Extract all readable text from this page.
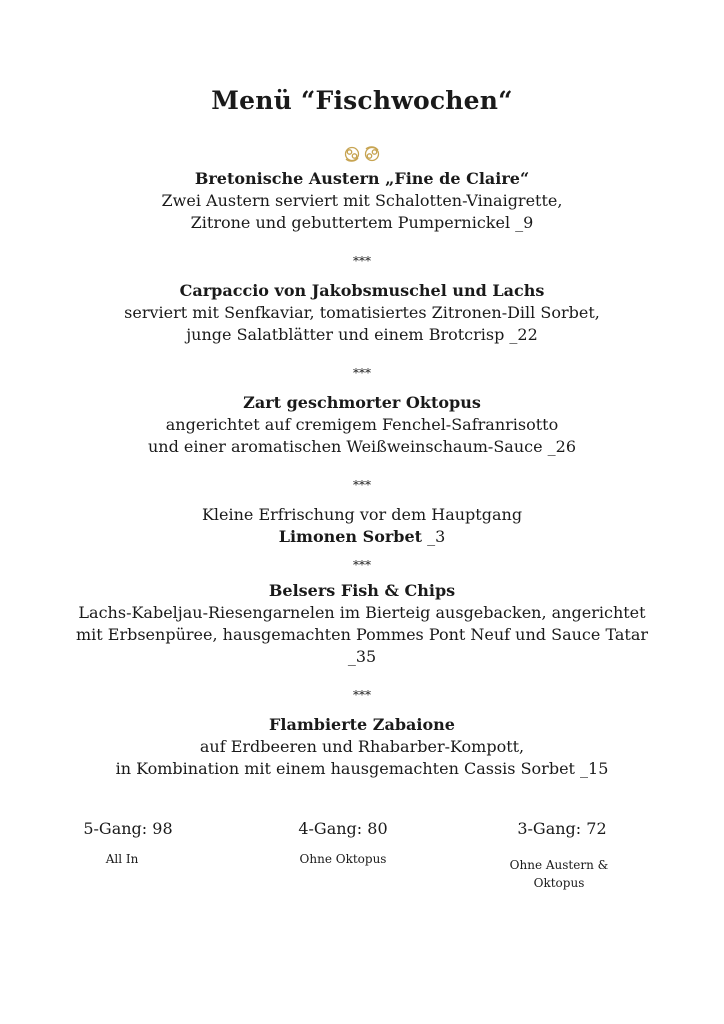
Menü “Fischwochen“
Bretonische Austern „Fine de Claire“
Zwei Austern serviert mit Schalotten-Vinaigrette,
Zitrone und gebuttertem Pumpernickel _9
***
Carpaccio von Jakobsmuschel und Lachs
serviert mit Senfkaviar, tomatisiertes Zitronen-Dill Sorbet,
junge Salatblätter und einem Brotcrisp _22
***
Zart geschmorter Oktopus
angerichtet auf cremigem Fenchel-Safranrisotto
und einer aromatischen Weißweinschaum-Sauce _26
***
Kleine Erfrischung vor dem Hauptgang
Limonen Sorbet _3
***
Belsers Fish & Chips
Lachs-Kabeljau-Riesengarnelen im Bierteig ausgebacken, angerichtet
mit Erbsenpüree, hausgemachten Pommes Pont Neuf und Sauce Tatar
_35
***
Flambierte Zabaione
auf Erdbeeren und Rhabarber-Kompott,
in Kombination mit einem hausgemachten Cassis Sorbet _15
5-Gang: 98
All In
4-Gang: 80
Ohne Oktopus
3-Gang: 72
Ohne Austern &
Oktopus
